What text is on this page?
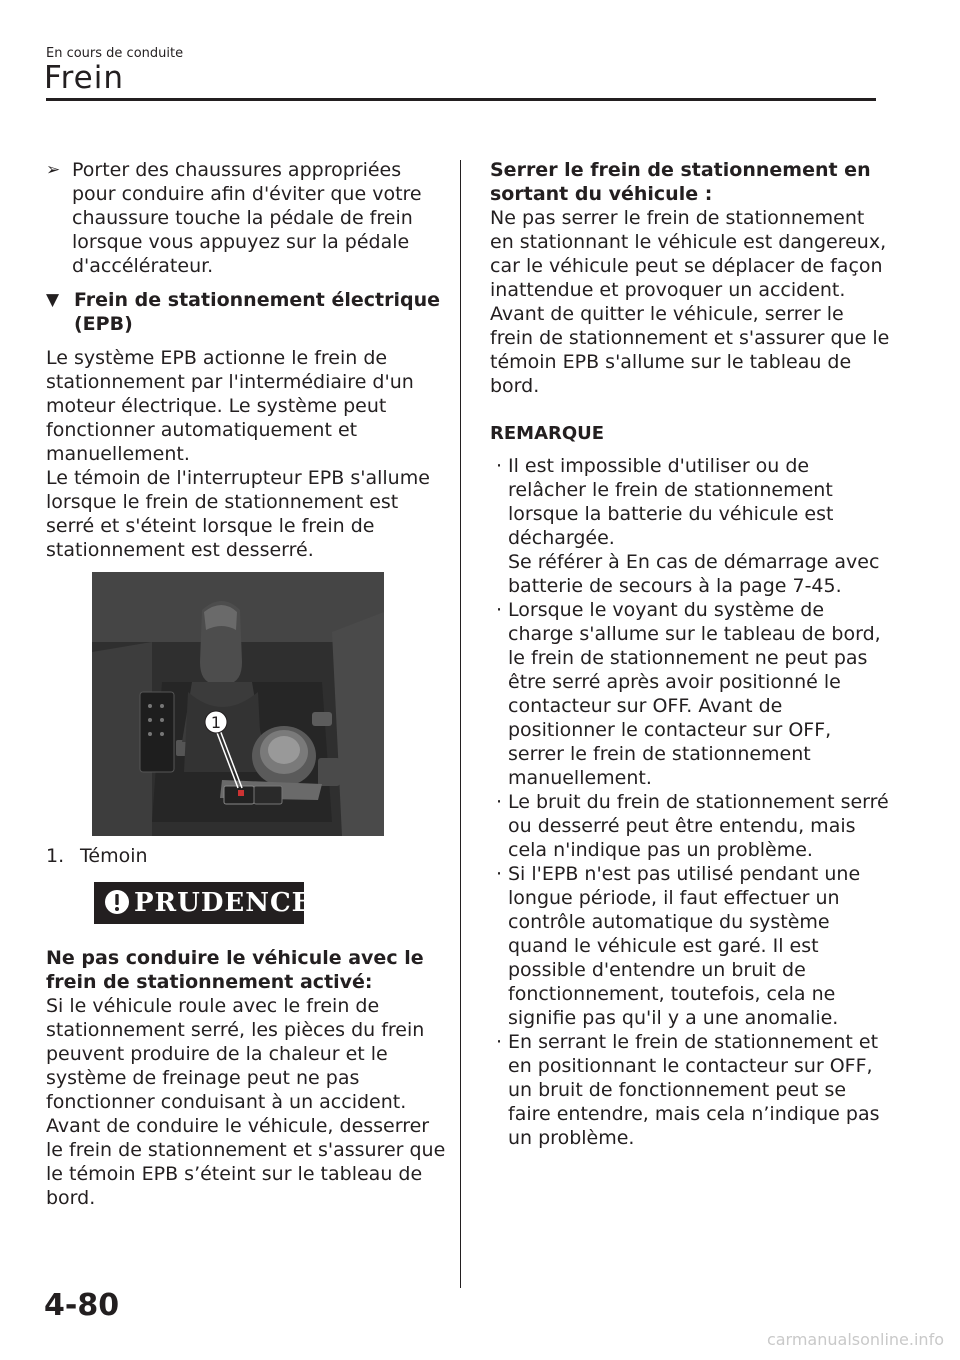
En cours de conduite
Frein
➢ Porter des chaussures appropriées pour conduire afin d'éviter que votre chaussure touche la pédale de frein lorsque vous appuyez sur la pédale d'accélérateur.
▼ Frein de stationnement électrique (EPB)
Le système EPB actionne le frein de stationnement par l'intermédiaire d'un moteur électrique. Le système peut fonctionner automatiquement et manuellement.
Le témoin de l'interrupteur EPB s'allume lorsque le frein de stationnement est serré et s'éteint lorsque le frein de stationnement est desserré.
1
1. Témoin
PRUDENCE
Ne pas conduire le véhicule avec le frein de stationnement activé:
Si le véhicule roule avec le frein de stationnement serré, les pièces du frein peuvent produire de la chaleur et le système de freinage peut ne pas fonctionner conduisant à un accident. Avant de conduire le véhicule, desserrer le frein de stationnement et s'assurer que le témoin EPB s’éteint sur le tableau de bord.
Serrer le frein de stationnement en sortant du véhicule :
Ne pas serrer le frein de stationnement en stationnant le véhicule est dangereux, car le véhicule peut se déplacer de façon inattendue et provoquer un accident. Avant de quitter le véhicule, serrer le frein de stationnement et s'assurer que le témoin EPB s'allume sur le tableau de bord.
REMARQUE
· Il est impossible d'utiliser ou de relâcher le frein de stationnement lorsque la batterie du véhicule est déchargée.
Se référer à En cas de démarrage avec batterie de secours à la page 7-45.
· Lorsque le voyant du système de charge s'allume sur le tableau de bord, le frein de stationnement ne peut pas être serré après avoir positionné le contacteur sur OFF. Avant de positionner le contacteur sur OFF, serrer le frein de stationnement manuellement.
· Le bruit du frein de stationnement serré ou desserré peut être entendu, mais cela n'indique pas un problème.
· Si l'EPB n'est pas utilisé pendant une longue période, il faut effectuer un contrôle automatique du système quand le véhicule est garé. Il est possible d'entendre un bruit de fonctionnement, toutefois, cela ne signifie pas qu'il y a une anomalie.
· En serrant le frein de stationnement et en positionnant le contacteur sur OFF, un bruit de fonctionnement peut se faire entendre, mais cela n’indique pas un problème.
4-80
carmanualsonline.info
